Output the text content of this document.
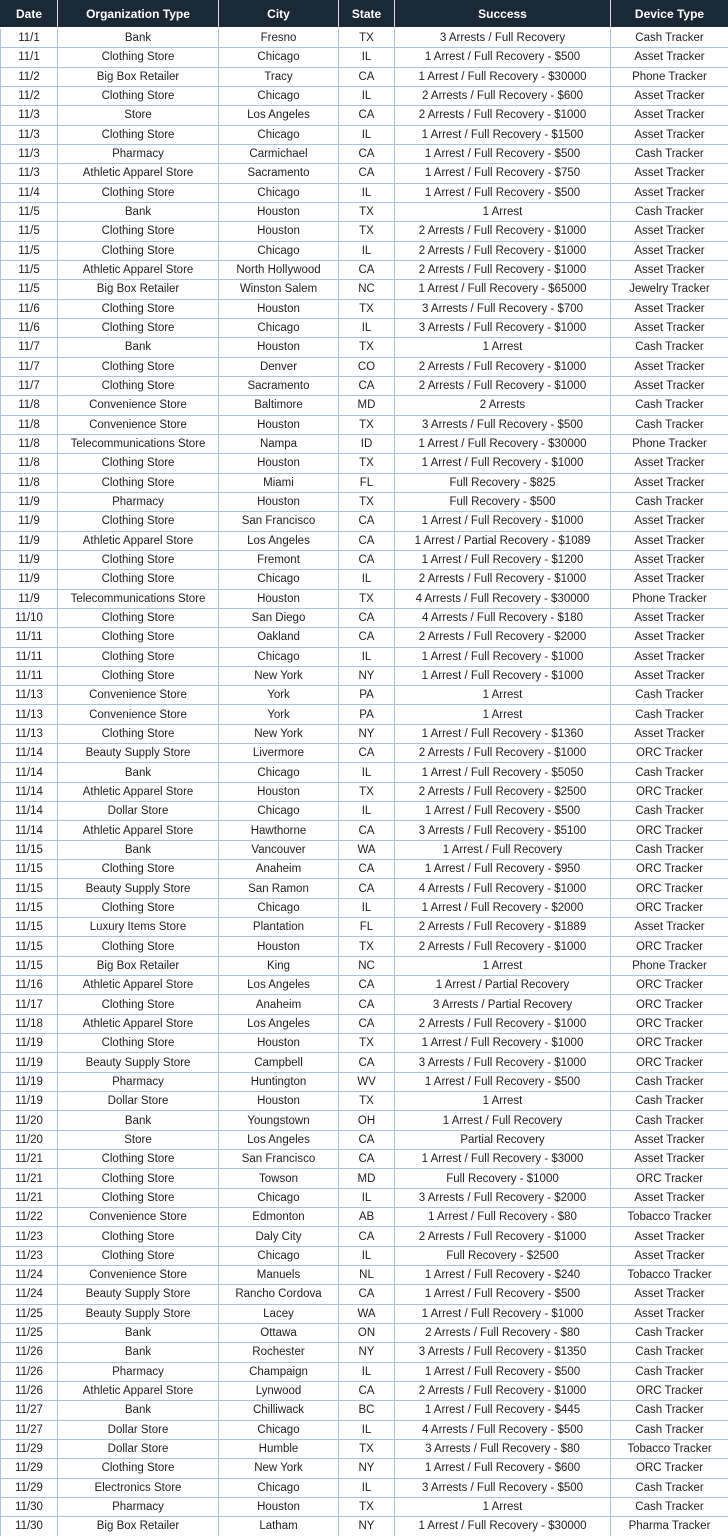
Date	Organization Type	City	State	Success	Device Type
11/1	Bank	Fresno	TX	3 Arrests / Full Recovery	Cash Tracker
11/1	Clothing Store	Chicago	IL	1 Arrest / Full Recovery - $500	Asset Tracker
11/2	Big Box Retailer	Tracy	CA	1 Arrest / Full Recovery - $30000	Phone Tracker
11/2	Clothing Store	Chicago	IL	2 Arrests / Full Recovery - $600	Asset Tracker
11/3	Store	Los Angeles	CA	2 Arrests / Full Recovery - $1000	Asset Tracker
11/3	Clothing Store	Chicago	IL	1 Arrest / Full Recovery - $1500	Asset Tracker
11/3	Pharmacy	Carmichael	CA	1 Arrest / Full Recovery - $500	Cash Tracker
11/3	Athletic Apparel Store	Sacramento	CA	1 Arrest / Full Recovery - $750	Asset Tracker
11/4	Clothing Store	Chicago	IL	1 Arrest / Full Recovery - $500	Asset Tracker
11/5	Bank	Houston	TX	1 Arrest	Cash Tracker
11/5	Clothing Store	Houston	TX	2 Arrests / Full Recovery - $1000	Asset Tracker
11/5	Clothing Store	Chicago	IL	2 Arrests / Full Recovery - $1000	Asset Tracker
11/5	Athletic Apparel Store	North Hollywood	CA	2 Arrests / Full Recovery - $1000	Asset Tracker
11/5	Big Box Retailer	Winston Salem	NC	1 Arrest / Full Recovery - $65000	Jewelry Tracker
11/6	Clothing Store	Houston	TX	3 Arrests / Full Recovery - $700	Asset Tracker
11/6	Clothing Store	Chicago	IL	3 Arrests / Full Recovery - $1000	Asset Tracker
11/7	Bank	Houston	TX	1 Arrest	Cash Tracker
11/7	Clothing Store	Denver	CO	2 Arrests / Full Recovery - $1000	Asset Tracker
11/7	Clothing Store	Sacramento	CA	2 Arrests / Full Recovery - $1000	Asset Tracker
11/8	Convenience Store	Baltimore	MD	2 Arrests	Cash Tracker
11/8	Convenience Store	Houston	TX	3 Arrests / Full Recovery - $500	Cash Tracker
11/8	Telecommunications Store	Nampa	ID	1 Arrest / Full Recovery - $30000	Phone Tracker
11/8	Clothing Store	Houston	TX	1 Arrest / Full Recovery - $1000	Asset Tracker
11/8	Clothing Store	Miami	FL	Full Recovery - $825	Asset Tracker
11/9	Pharmacy	Houston	TX	Full Recovery - $500	Cash Tracker
11/9	Clothing Store	San Francisco	CA	1 Arrest / Full Recovery - $1000	Asset Tracker
11/9	Athletic Apparel Store	Los Angeles	CA	1 Arrest / Partial Recovery - $1089	Asset Tracker
11/9	Clothing Store	Fremont	CA	1 Arrest / Full Recovery - $1200	Asset Tracker
11/9	Clothing Store	Chicago	IL	2 Arrests / Full Recovery - $1000	Asset Tracker
11/9	Telecommunications Store	Houston	TX	4 Arrests / Full Recovery - $30000	Phone Tracker
11/10	Clothing Store	San Diego	CA	4 Arrests / Full Recovery - $180	Asset Tracker
11/11	Clothing Store	Oakland	CA	2 Arrests / Full Recovery - $2000	Asset Tracker
11/11	Clothing Store	Chicago	IL	1 Arrest / Full Recovery - $1000	Asset Tracker
11/11	Clothing Store	New York	NY	1 Arrest / Full Recovery - $1000	Asset Tracker
11/13	Convenience Store	York	PA	1 Arrest	Cash Tracker
11/13	Convenience Store	York	PA	1 Arrest	Cash Tracker
11/13	Clothing Store	New York	NY	1 Arrest / Full Recovery - $1360	Asset Tracker
11/14	Beauty Supply Store	Livermore	CA	2 Arrests / Full Recovery - $1000	ORC Tracker
11/14	Bank	Chicago	IL	1 Arrest / Full Recovery - $5050	Cash Tracker
11/14	Athletic Apparel Store	Houston	TX	2 Arrests / Full Recovery - $2500	ORC Tracker
11/14	Dollar Store	Chicago	IL	1 Arrest / Full Recovery - $500	Cash Tracker
11/14	Athletic Apparel Store	Hawthorne	CA	3 Arrests / Full Recovery - $5100	ORC Tracker
11/15	Bank	Vancouver	WA	1 Arrest / Full Recovery	Cash Tracker
11/15	Clothing Store	Anaheim	CA	1 Arrest / Full Recovery - $950	ORC Tracker
11/15	Beauty Supply Store	San Ramon	CA	4 Arrests / Full Recovery - $1000	ORC Tracker
11/15	Clothing Store	Chicago	IL	1 Arrest / Full Recovery - $2000	ORC Tracker
11/15	Luxury Items Store	Plantation	FL	2 Arrests / Full Recovery - $1889	Asset Tracker
11/15	Clothing Store	Houston	TX	2 Arrests / Full Recovery - $1000	ORC Tracker
11/15	Big Box Retailer	King	NC	1 Arrest	Phone Tracker
11/16	Athletic Apparel Store	Los Angeles	CA	1 Arrest / Partial Recovery	ORC Tracker
11/17	Clothing Store	Anaheim	CA	3 Arrests / Partial Recovery	ORC Tracker
11/18	Athletic Apparel Store	Los Angeles	CA	2 Arrests / Full Recovery - $1000	ORC Tracker
11/19	Clothing Store	Houston	TX	1 Arrest / Full Recovery - $1000	ORC Tracker
11/19	Beauty Supply Store	Campbell	CA	3 Arrests / Full Recovery - $1000	ORC Tracker
11/19	Pharmacy	Huntington	WV	1 Arrest / Full Recovery - $500	Cash Tracker
11/19	Dollar Store	Houston	TX	1 Arrest	Cash Tracker
11/20	Bank	Youngstown	OH	1 Arrest / Full Recovery	Cash Tracker
11/20	Store	Los Angeles	CA	Partial Recovery	Asset Tracker
11/21	Clothing Store	San Francisco	CA	1 Arrest / Full Recovery - $3000	Asset Tracker
11/21	Clothing Store	Towson	MD	Full Recovery - $1000	ORC Tracker
11/21	Clothing Store	Chicago	IL	3 Arrests / Full Recovery - $2000	Asset Tracker
11/22	Convenience Store	Edmonton	AB	1 Arrest / Full Recovery - $80	Tobacco Tracker
11/23	Clothing Store	Daly City	CA	2 Arrests / Full Recovery - $1000	Asset Tracker
11/23	Clothing Store	Chicago	IL	Full Recovery - $2500	Asset Tracker
11/24	Convenience Store	Manuels	NL	1 Arrest / Full Recovery - $240	Tobacco Tracker
11/24	Beauty Supply Store	Rancho Cordova	CA	1 Arrest / Full Recovery - $500	Asset Tracker
11/25	Beauty Supply Store	Lacey	WA	1 Arrest / Full Recovery - $1000	Asset Tracker
11/25	Bank	Ottawa	ON	2 Arrests / Full Recovery - $80	Cash Tracker
11/26	Bank	Rochester	NY	3 Arrests / Full Recovery - $1350	Cash Tracker
11/26	Pharmacy	Champaign	IL	1 Arrest / Full Recovery - $500	Cash Tracker
11/26	Athletic Apparel Store	Lynwood	CA	2 Arrests / Full Recovery - $1000	ORC Tracker
11/27	Bank	Chilliwack	BC	1 Arrest / Full Recovery - $445	Cash Tracker
11/27	Dollar Store	Chicago	IL	4 Arrests / Full Recovery - $500	Cash Tracker
11/29	Dollar Store	Humble	TX	3 Arrests / Full Recovery - $80	Tobacco Tracker
11/29	Clothing Store	New York	NY	1 Arrest / Full Recovery - $600	ORC Tracker
11/29	Electronics Store	Chicago	IL	3 Arrests / Full Recovery - $500	Cash Tracker
11/30	Pharmacy	Houston	TX	1 Arrest	Cash Tracker
11/30	Big Box Retailer	Latham	NY	1 Arrest / Full Recovery - $30000	Pharma Tracker
